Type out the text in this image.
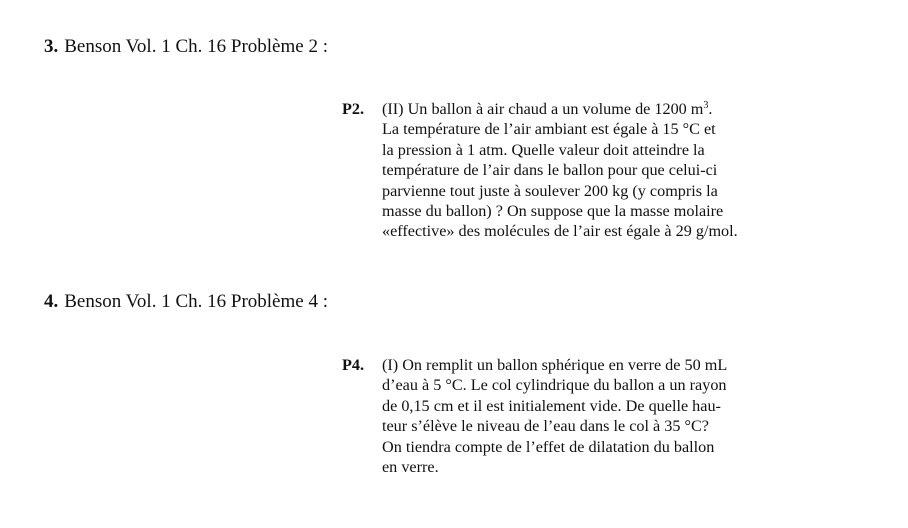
3. Benson Vol. 1 Ch. 16 Problème 2 :
P2. (II) Un ballon à air chaud a un volume de 1200 $m^3$.
La température de l’air ambiant est égale à 15 °C et
la pression à 1 atm. Quelle valeur doit atteindre la
température de l’air dans le ballon pour que celui-ci
parvienne tout juste à soulever 200 kg (y compris la
masse du ballon) ? On suppose que la masse molaire
«effective» des molécules de l’air est égale à 29 g/mol.
4. Benson Vol. 1 Ch. 16 Problème 4 :
P4. (I) On remplit un ballon sphérique en verre de 50 mL
d’eau à 5 °C. Le col cylindrique du ballon a un rayon
de 0,15 cm et il est initialement vide. De quelle hau-
teur s’élève le niveau de l’eau dans le col à 35 °C?
On tiendra compte de l’effet de dilatation du ballon
en verre.
